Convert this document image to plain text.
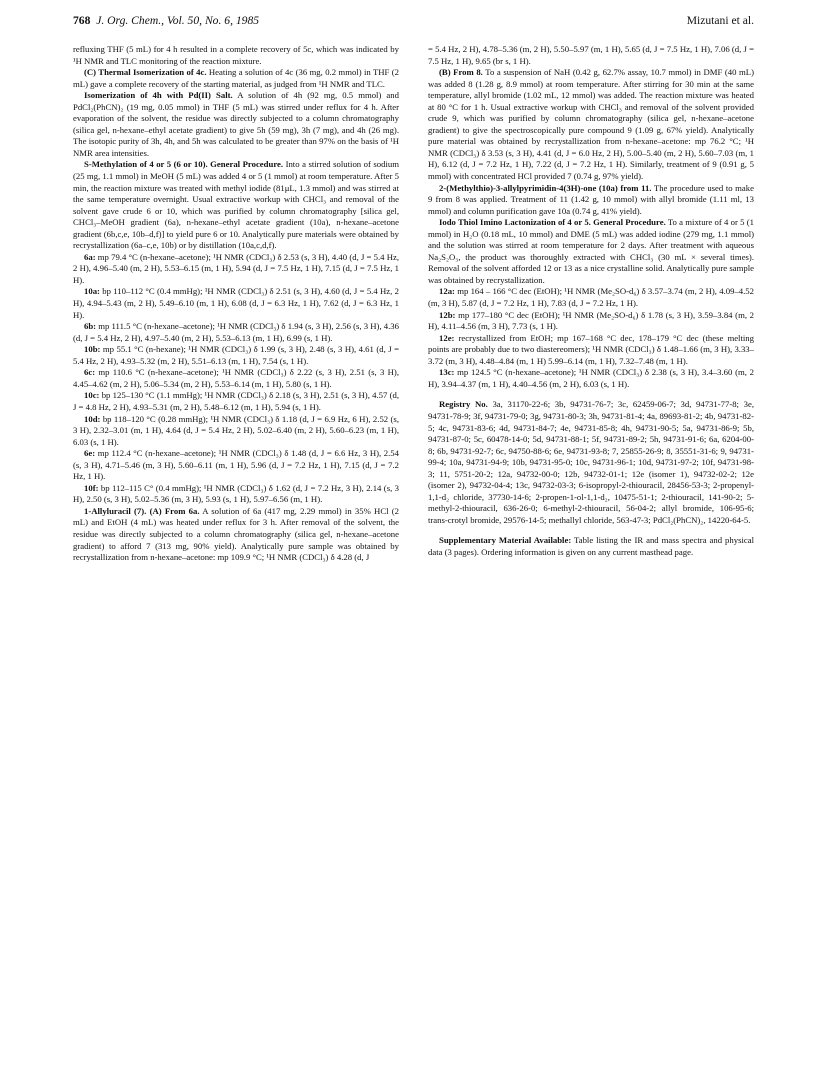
768 J. Org. Chem., Vol. 50, No. 6, 1985	Mizutani et al.

refluxing THF (5 mL) for 4 h resulted in a complete recovery of 5c, which was indicated by ¹H NMR and TLC monitoring of the reaction mixture.

(C) Thermal Isomerization of 4c. Heating a solution of 4c (36 mg, 0.2 mmol) in THF (2 mL) gave a complete recovery of the starting material, as judged from ¹H NMR and TLC.

Isomerization of 4h with Pd(II) Salt. A solution of 4h (92 mg, 0.5 mmol) and PdCl₂(PhCN)₂ (19 mg, 0.05 mmol) in THF (5 mL) was stirred under reflux for 4 h. After evaporation of the solvent, the residue was directly subjected to a column chromatography (silica gel, n-hexane–ethyl acetate gradient) to give 5h (59 mg), 3h (7 mg), and 4h (26 mg). The isotopic purity of 3h, 4h, and 5h was calculated to be greater than 97% on the basis of ¹H NMR area intensities.

S-Methylation of 4 or 5 (6 or 10). General Procedure. Into a stirred solution of sodium (25 mg, 1.1 mmol) in MeOH (5 mL) was added 4 or 5 (1 mmol) at room temperature. After 5 min, the reaction mixture was treated with methyl iodide (81μL, 1.3 mmol) and was stirred at the same temperature overnight. Usual extractive workup with CHCl₃ and removal of the solvent gave crude 6 or 10, which was purified by column chromatography [silica gel, CHCl₃–MeOH gradient (6a), n-hexane–ethyl acetate gradient (10a), n-hexane–acetone gradient (6b,c,e, 10b–d,f)] to yield pure 6 or 10. Analytically pure materials were obtained by recrystallization (6a–c,e, 10b) or by distillation (10a,c,d,f).

6a: mp 79.4 °C (n-hexane–acetone); ¹H NMR (CDCl₃) δ 2.53 (s, 3 H), 4.40 (d, J = 5.4 Hz, 2 H), 4.96–5.40 (m, 2 H), 5.53–6.15 (m, 1 H), 5.94 (d, J = 7.5 Hz, 1 H), 7.15 (d, J = 7.5 Hz, 1 H).

10a: bp 110–112 °C (0.4 mmHg); ¹H NMR (CDCl₃) δ 2.51 (s, 3 H), 4.60 (d, J = 5.4 Hz, 2 H), 4.94–5.43 (m, 2 H), 5.49–6.10 (m, 1 H), 6.08 (d, J = 6.3 Hz, 1 H), 7.62 (d, J = 6.3 Hz, 1 H).

6b: mp 111.5 °C (n-hexane–acetone); ¹H NMR (CDCl₃) δ 1.94 (s, 3 H), 2.56 (s, 3 H), 4.36 (d, J = 5.4 Hz, 2 H), 4.97–5.40 (m, 2 H), 5.53–6.13 (m, 1 H), 6.99 (s, 1 H).

10b: mp 55.1 °C (n-hexane); ¹H NMR (CDCl₃) δ 1.99 (s, 3 H), 2.48 (s, 3 H), 4.61 (d, J = 5.4 Hz, 2 H), 4.93–5.32 (m, 2 H), 5.51–6.13 (m, 1 H), 7.54 (s, 1 H).

6c: mp 110.6 °C (n-hexane–acetone); ¹H NMR (CDCl₃) δ 2.22 (s, 3 H), 2.51 (s, 3 H), 4.45–4.62 (m, 2 H), 5.06–5.34 (m, 2 H), 5.53–6.14 (m, 1 H), 5.80 (s, 1 H).

10c: bp 125–130 °C (1.1 mmHg); ¹H NMR (CDCl₃) δ 2.18 (s, 3 H), 2.51 (s, 3 H), 4.57 (d, J = 4.8 Hz, 2 H), 4.93–5.31 (m, 2 H), 5.48–6.12 (m, 1 H), 5.94 (s, 1 H).

10d: bp 118–120 °C (0.28 mmHg); ¹H NMR (CDCl₃) δ 1.18 (d, J = 6.9 Hz, 6 H), 2.52 (s, 3 H), 2.32–3.01 (m, 1 H), 4.64 (d, J = 5.4 Hz, 2 H), 5.02–6.40 (m, 2 H), 5.60–6.23 (m, 1 H), 6.03 (s, 1 H).

6e: mp 112.4 °C (n-hexane–acetone); ¹H NMR (CDCl₃) δ 1.48 (d, J = 6.6 Hz, 3 H), 2.54 (s, 3 H), 4.71–5.46 (m, 3 H), 5.60–6.11 (m, 1 H), 5.96 (d, J = 7.2 Hz, 1 H), 7.15 (d, J = 7.2 Hz, 1 H).

10f: bp 112–115 C° (0.4 mmHg); ¹H NMR (CDCl₃) δ 1.62 (d, J = 7.2 Hz, 3 H), 2.14 (s, 3 H), 2.50 (s, 3 H), 5.02–5.36 (m, 3 H), 5.93 (s, 1 H), 5.97–6.56 (m, 1 H).

1-Allyluracil (7). (A) From 6a. A solution of 6a (417 mg, 2.29 mmol) in 35% HCl (2 mL) and EtOH (4 mL) was heated under reflux for 3 h. After removal of the solvent, the residue was directly subjected to a column chromatography (silica gel, n-hexane–acetone gradient) to afford 7 (313 mg, 90% yield). Analytically pure sample was obtained by recrystallization from n-hexane–acetone: mp 109.9 °C; ¹H NMR (CDCl₃) δ 4.28 (d, J

= 5.4 Hz, 2 H), 4.78–5.36 (m, 2 H), 5.50–5.97 (m, 1 H), 5.65 (d, J = 7.5 Hz, 1 H), 7.06 (d, J = 7.5 Hz, 1 H), 9.65 (br s, 1 H).

(B) From 8. To a suspension of NaH (0.42 g, 62.7% assay, 10.7 mmol) in DMF (40 mL) was added 8 (1.28 g, 8.9 mmol) at room temperature. After stirring for 30 min at the same temperature, allyl bromide (1.02 mL, 12 mmol) was added. The reaction mixture was heated at 80 °C for 1 h. Usual extractive workup with CHCl₃ and removal of the solvent provided crude 9, which was purified by column chromatography (silica gel, n-hexane–acetone gradient) to give the spectroscopically pure compound 9 (1.09 g, 67% yield). Analytically pure material was obtained by recrystallization from n-hexane–acetone: mp 76.2 °C; ¹H NMR (CDCl₃) δ 3.53 (s, 3 H), 4.41 (d, J = 6.0 Hz, 2 H), 5.00–5.40 (m, 2 H), 5.60–7.03 (m, 1 H), 6.12 (d, J = 7.2 Hz, 1 H), 7.22 (d, J = 7.2 Hz, 1 H). Similarly, treatment of 9 (0.91 g, 5 mmol) with concentrated HCl provided 7 (0.74 g, 97% yield).

2-(Methylthio)-3-allylpyrimidin-4(3H)-one (10a) from 11. The procedure used to make 9 from 8 was applied. Treatment of 11 (1.42 g, 10 mmol) with allyl bromide (1.11 ml, 13 mmol) and column purification gave 10a (0.74 g, 41% yield).

Iodo Thiol Imino Lactonization of 4 or 5. General Procedure. To a mixture of 4 or 5 (1 mmol) in H₂O (0.18 mL, 10 mmol) and DME (5 mL) was added iodine (279 mg, 1.1 mmol) and the solution was stirred at room temperature for 2 days. After treatment with aqueous Na₂S₂O₃, the product was thoroughly extracted with CHCl₃ (30 mL × several times). Removal of the solvent afforded 12 or 13 as a nice crystalline solid. Analytically pure sample was obtained by recrystallization.

12a: mp 164 – 166 °C dec (EtOH); ¹H NMR (Me₂SO-d₆) δ 3.57–3.74 (m, 2 H), 4.09–4.52 (m, 3 H), 5.87 (d, J = 7.2 Hz, 1 H), 7.83 (d, J = 7.2 Hz, 1 H).

12b: mp 177–180 °C dec (EtOH); ¹H NMR (Me₂SO-d₆) δ 1.78 (s, 3 H), 3.59–3.84 (m, 2 H), 4.11–4.56 (m, 3 H), 7.73 (s, 1 H).

12e: recrystallized from EtOH; mp 167–168 °C dec, 178–179 °C dec (these melting points are probably due to two diastereomers); ¹H NMR (CDCl₃) δ 1.48–1.66 (m, 3 H), 3.33–3.72 (m, 3 H), 4.48–4.84 (m, 1 H) 5.99–6.14 (m, 1 H), 7.32–7.48 (m, 1 H).

13c: mp 124.5 °C (n-hexane–acetone); ¹H NMR (CDCl₃) δ 2.38 (s, 3 H), 3.4–3.60 (m, 2 H), 3.94–4.37 (m, 1 H), 4.40–4.56 (m, 2 H), 6.03 (s, 1 H).

Registry No. 3a, 31170-22-6; 3b, 94731-76-7; 3c, 62459-06-7; 3d, 94731-77-8; 3e, 94731-78-9; 3f, 94731-79-0; 3g, 94731-80-3; 3h, 94731-81-4; 4a, 89693-81-2; 4b, 94731-82-5; 4c, 94731-83-6; 4d, 94731-84-7; 4e, 94731-85-8; 4h, 94731-90-5; 5a, 94731-86-9; 5b, 94731-87-0; 5c, 60478-14-0; 5d, 94731-88-1; 5f, 94731-89-2; 5h, 94731-91-6; 6a, 6204-00-8; 6b, 94731-92-7; 6c, 94750-88-6; 6e, 94731-93-8; 7, 25855-26-9; 8, 35551-31-6; 9, 94731-99-4; 10a, 94731-94-9; 10b, 94731-95-0; 10c, 94731-96-1; 10d, 94731-97-2; 10f, 94731-98-3; 11, 5751-20-2; 12a, 94732-00-0; 12b, 94732-01-1; 12e (isomer 1), 94732-02-2; 12e (isomer 2), 94732-04-4; 13c, 94732-03-3; 6-isopropyl-2-thiouracil, 28456-53-3; 2-propenyl-1,1-d₂ chloride, 37730-14-6; 2-propen-1-ol-1,1-d₂, 10475-51-1; 2-thiouracil, 141-90-2; 5-methyl-2-thiouracil, 636-26-0; 6-methyl-2-thiouracil, 56-04-2; allyl bromide, 106-95-6; trans-crotyl bromide, 29576-14-5; methallyl chloride, 563-47-3; PdCl₂(PhCN)₂, 14220-64-5.

Supplementary Material Available: Table listing the IR and mass spectra and physical data (3 pages). Ordering information is given on any current masthead page.
